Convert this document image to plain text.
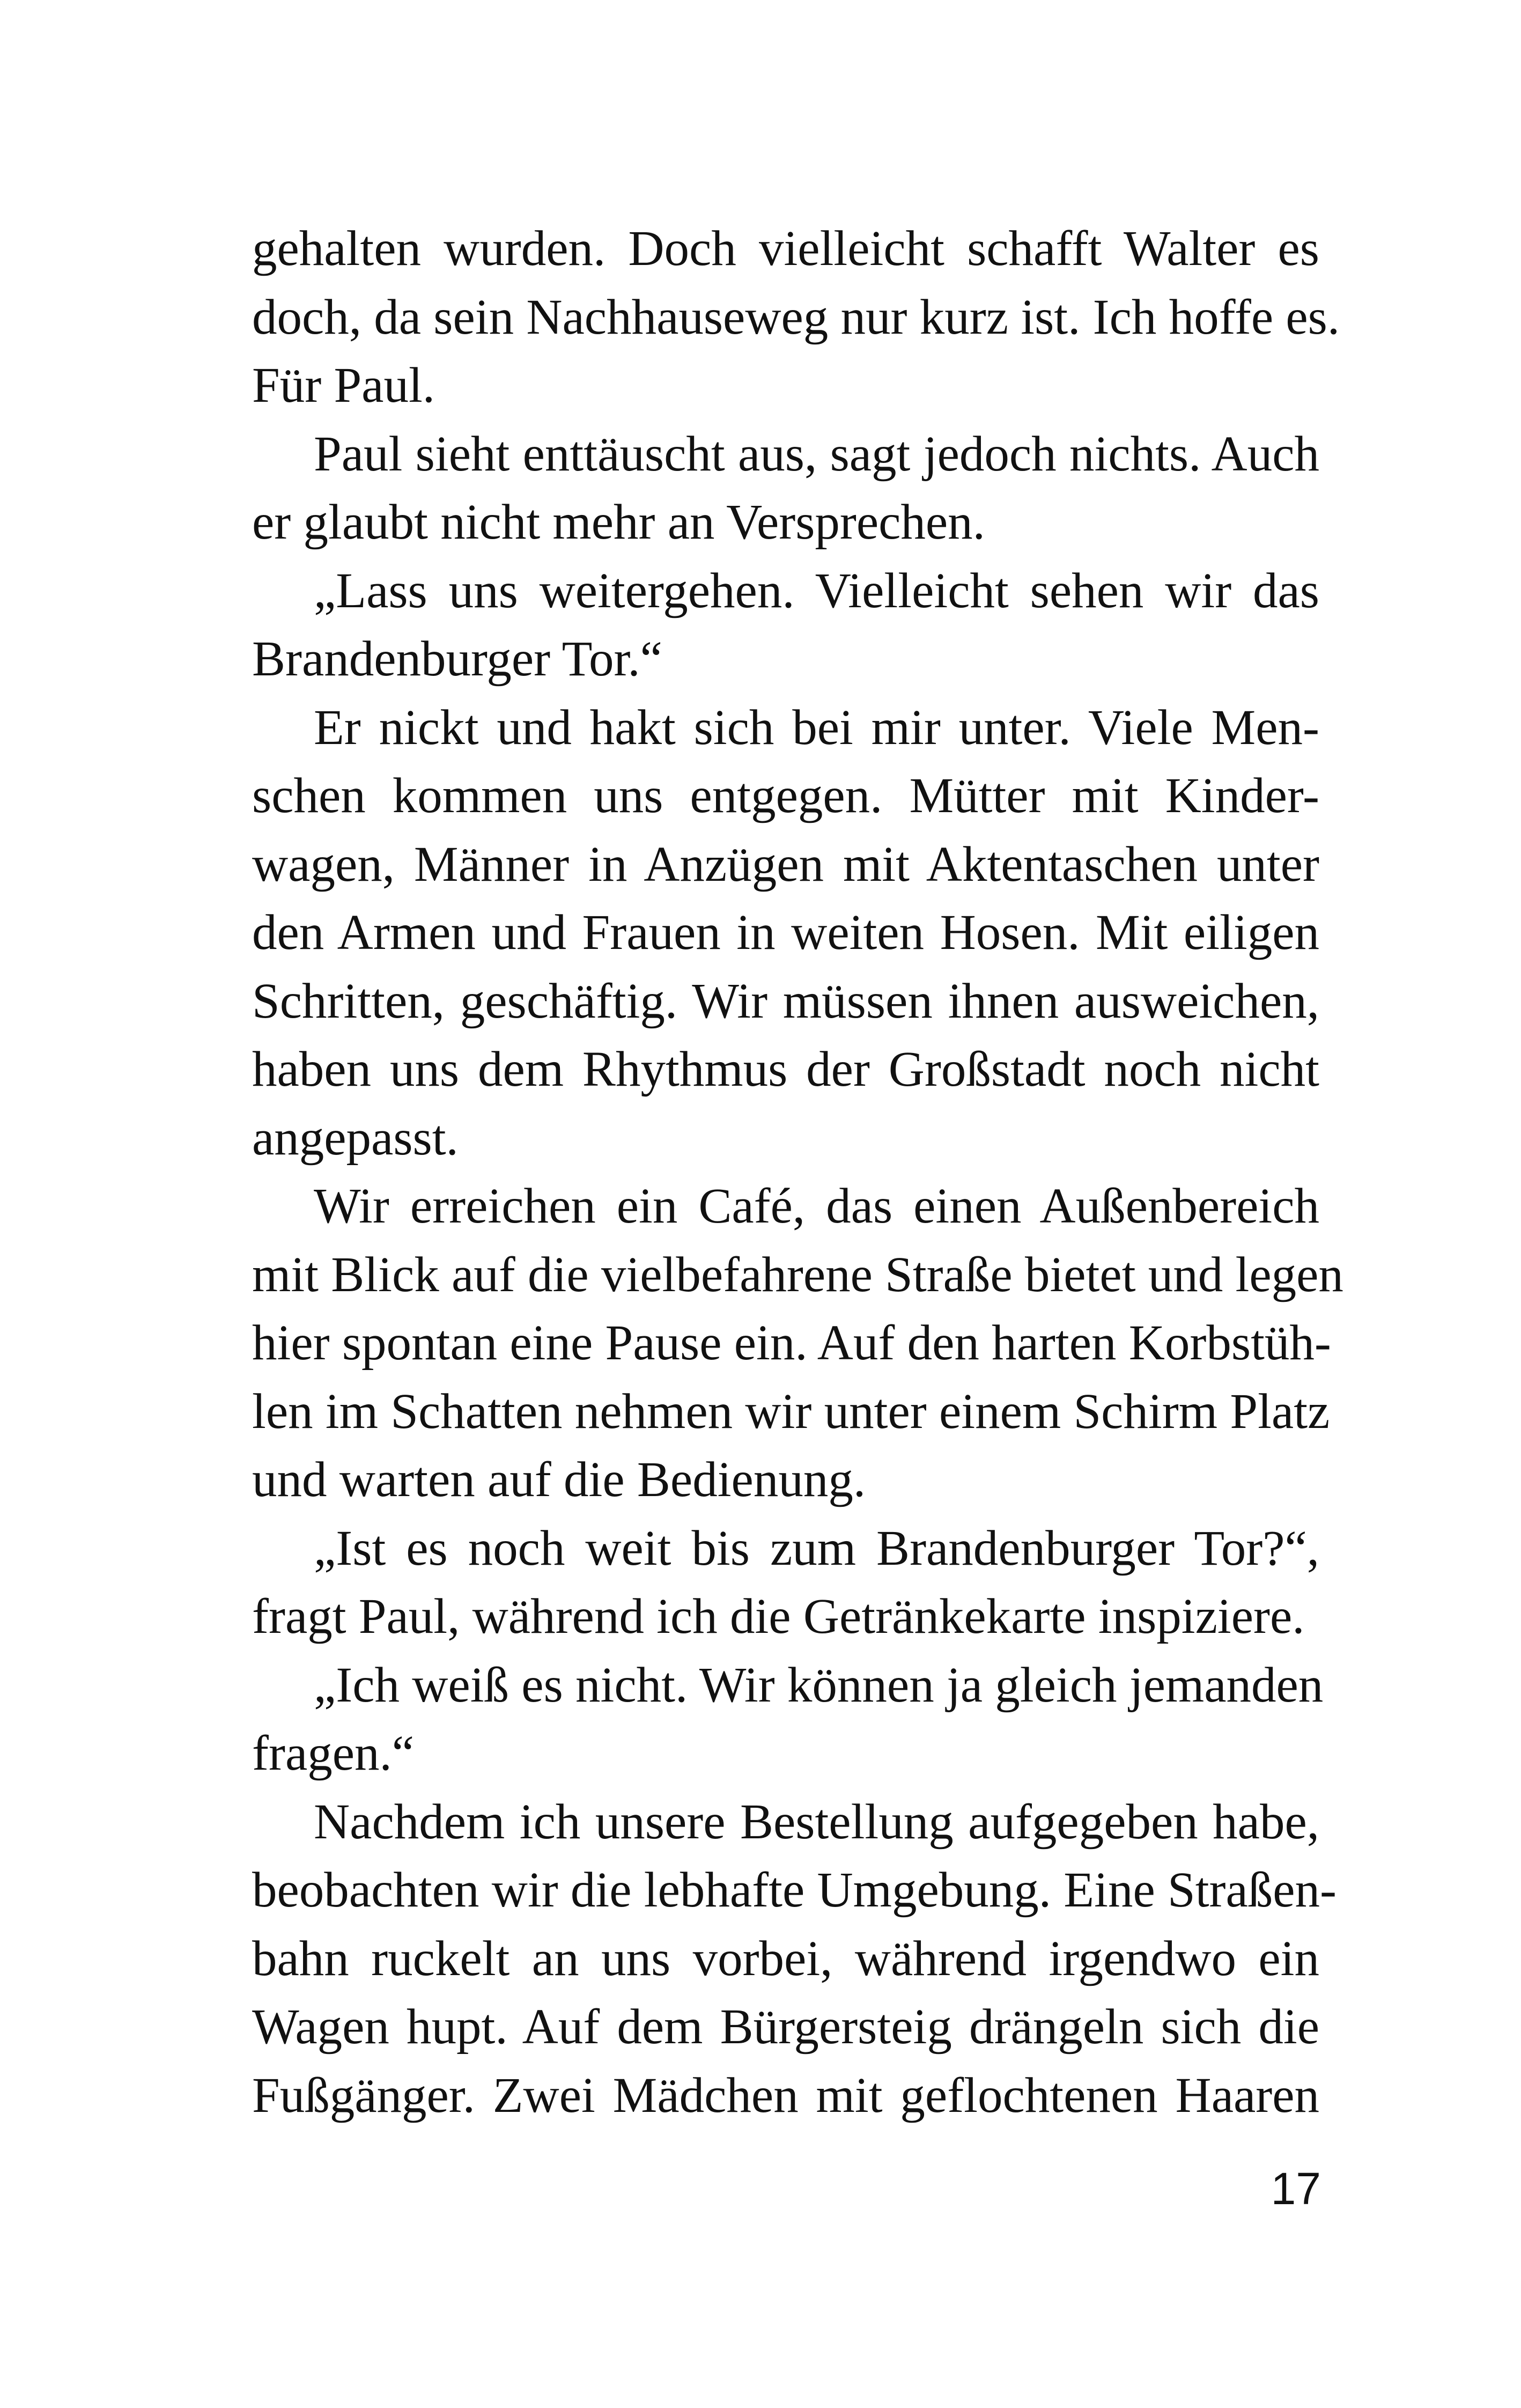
gehalten wurden. Doch vielleicht schafft Walter es
doch, da sein Nachhauseweg nur kurz ist. Ich hoffe es.
Für Paul.
Paul sieht enttäuscht aus, sagt jedoch nichts. Auch
er glaubt nicht mehr an Versprechen.
„Lass uns weitergehen. Vielleicht sehen wir das
Brandenburger Tor.“
Er nickt und hakt sich bei mir unter. Viele Men-
schen kommen uns entgegen. Mütter mit Kinder-
wagen, Männer in Anzügen mit Aktentaschen unter
den Armen und Frauen in weiten Hosen. Mit eiligen
Schritten, geschäftig. Wir müssen ihnen ausweichen,
haben uns dem Rhythmus der Großstadt noch nicht
angepasst.
Wir erreichen ein Café, das einen Außenbereich
mit Blick auf die vielbefahrene Straße bietet und legen
hier spontan eine Pause ein. Auf den harten Korbstüh-
len im Schatten nehmen wir unter einem Schirm Platz
und warten auf die Bedienung.
„Ist es noch weit bis zum Brandenburger Tor?“,
fragt Paul, während ich die Getränkekarte inspiziere.
„Ich weiß es nicht. Wir können ja gleich jemanden
fragen.“
Nachdem ich unsere Bestellung aufgegeben habe,
beobachten wir die lebhafte Umgebung. Eine Straßen-
bahn ruckelt an uns vorbei, während irgendwo ein
Wagen hupt. Auf dem Bürgersteig drängeln sich die
Fußgänger. Zwei Mädchen mit geflochtenen Haaren
17
